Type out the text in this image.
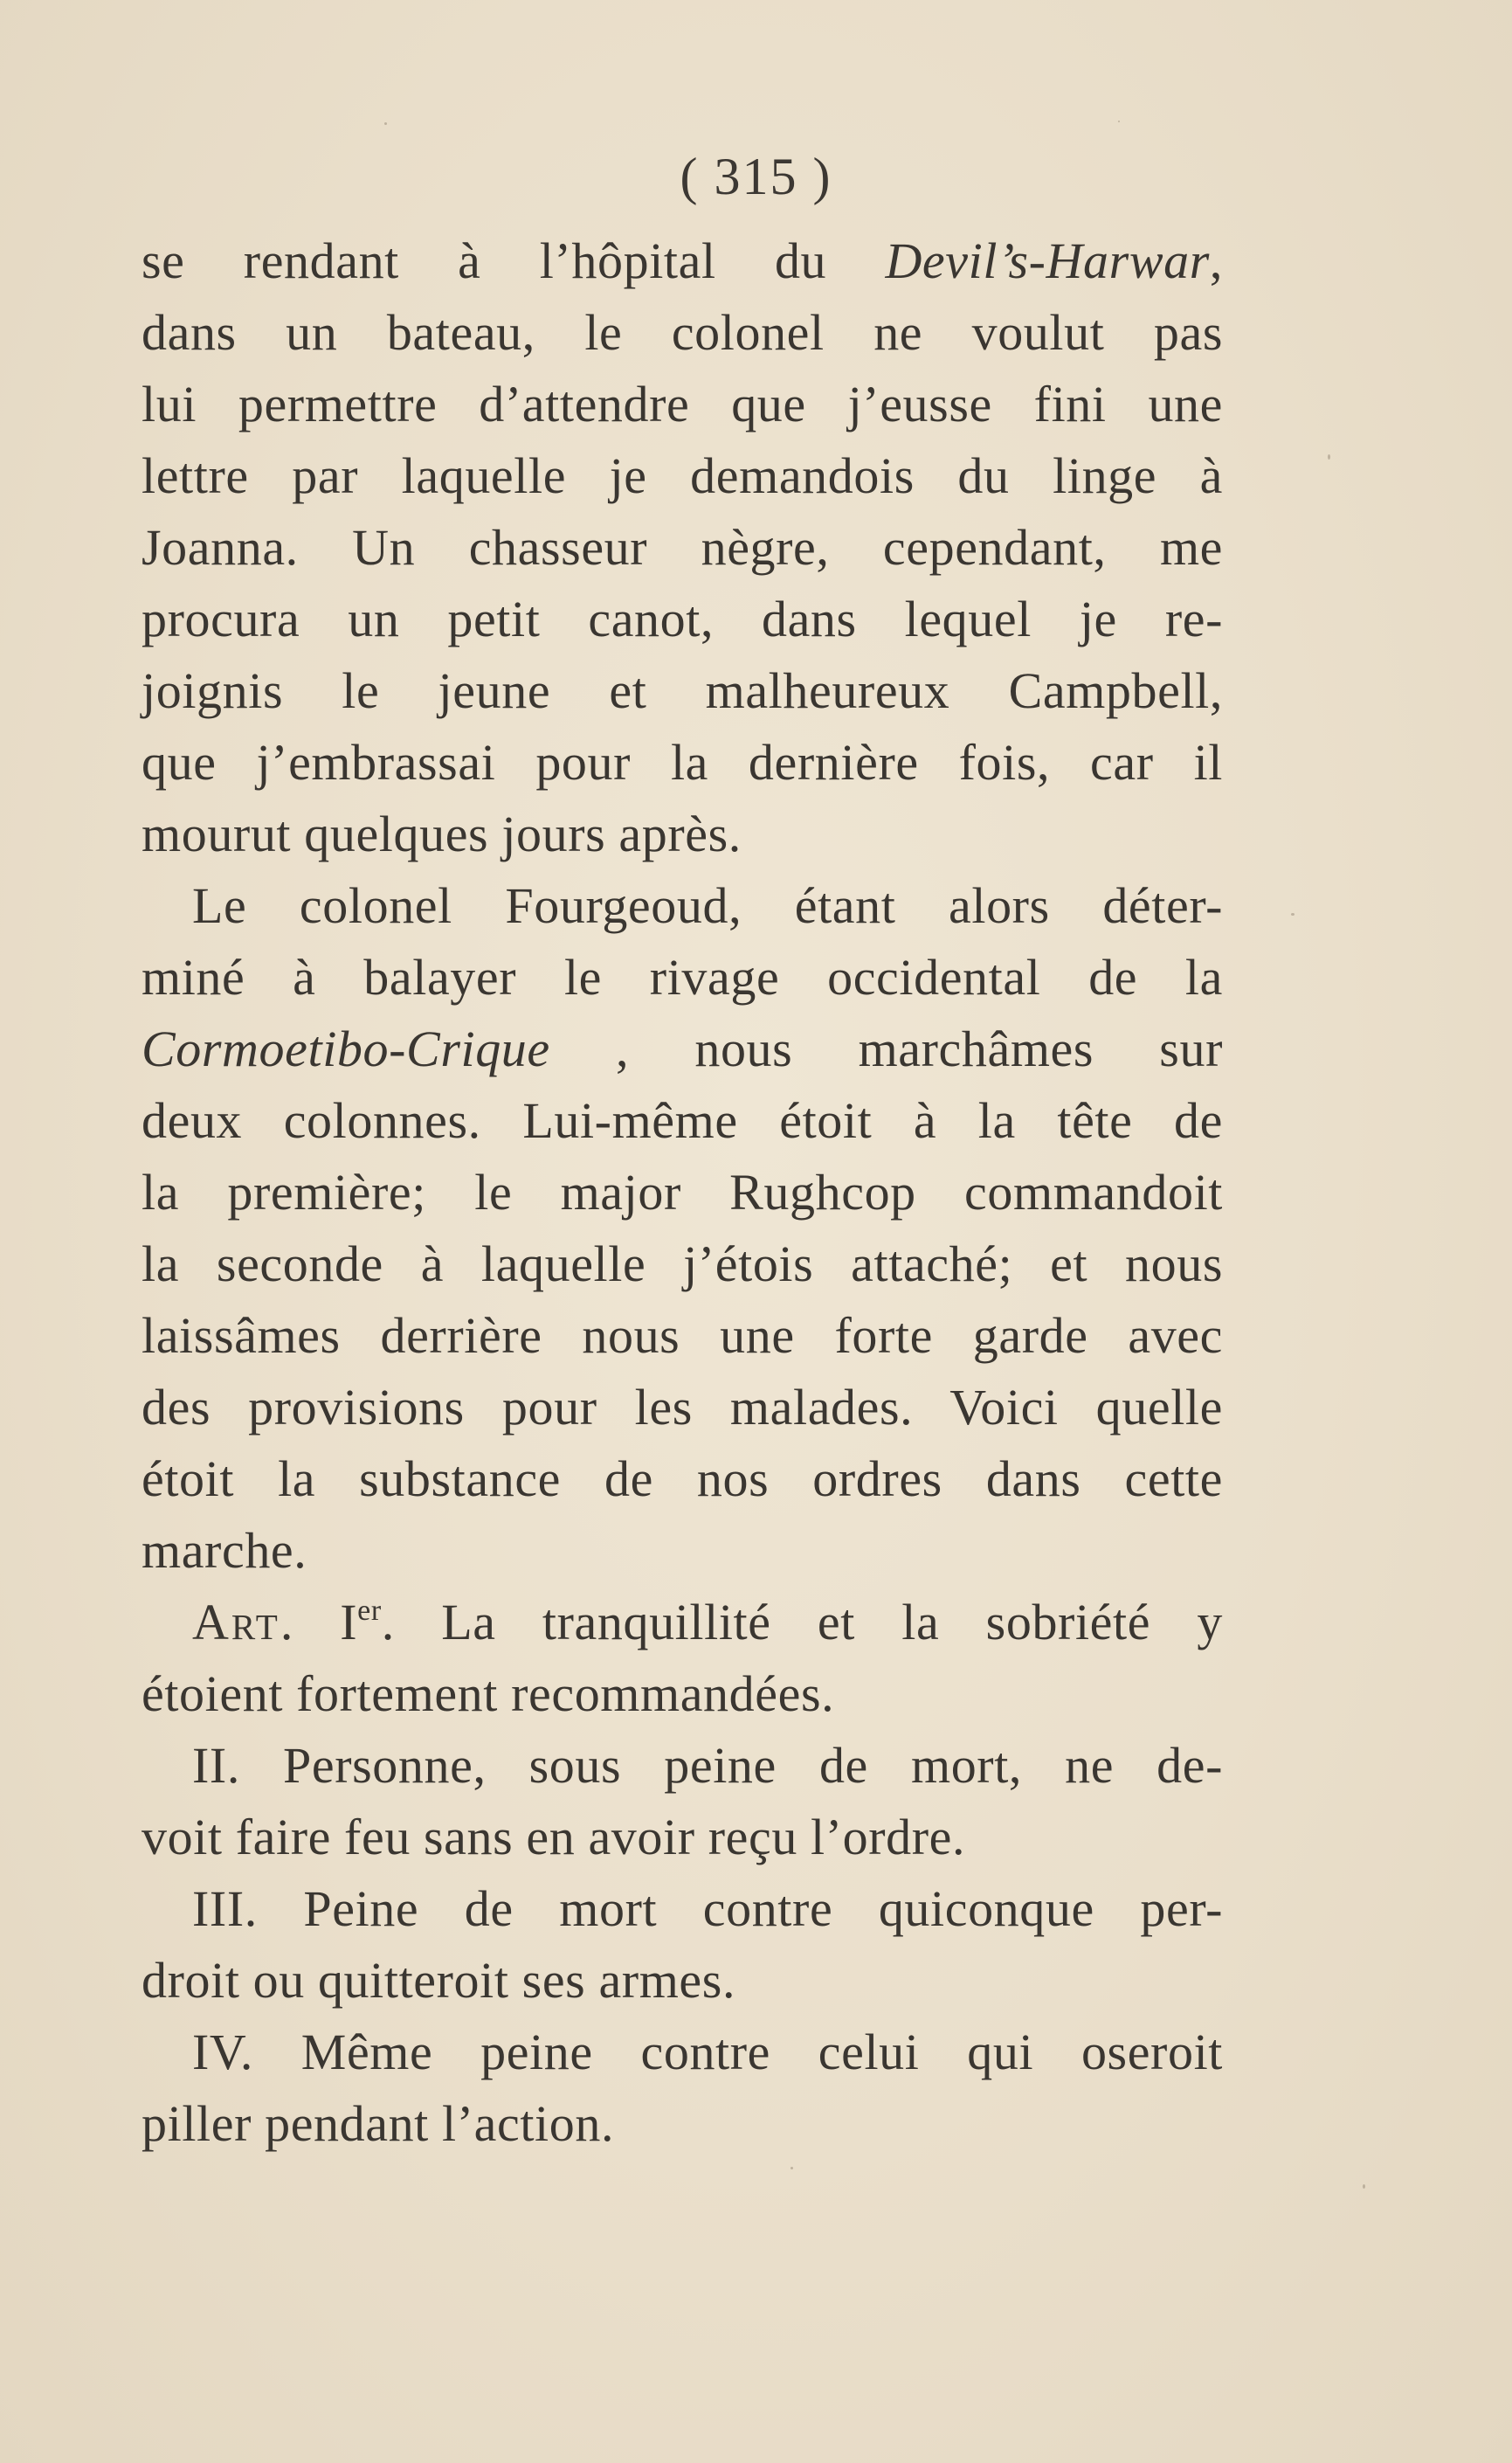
( 315 )
se rendant à l’hôpital du Devil’s-Harwar,
dans un bateau, le colonel ne voulut pas
lui permettre d’attendre que j’eusse fini une
lettre par laquelle je demandois du linge à
Joanna. Un chasseur nègre, cependant, me
procura un petit canot, dans lequel je re-
joignis le jeune et malheureux Campbell,
que j’embrassai pour la dernière fois, car il
mourut quelques jours après.
Le colonel Fourgeoud, étant alors déter-
miné à balayer le rivage occidental de la
Cormoetibo-Crique , nous marchâmes sur
deux colonnes. Lui-même étoit à la tête de
la première; le major Rughcop commandoit
la seconde à laquelle j’étois attaché; et nous
laissâmes derrière nous une forte garde avec
des provisions pour les malades. Voici quelle
étoit la substance de nos ordres dans cette
marche.
Art. Ier. La tranquillité et la sobriété y
étoient fortement recommandées.
II. Personne, sous peine de mort, ne de-
voit faire feu sans en avoir reçu l’ordre.
III. Peine de mort contre quiconque per-
droit ou quitteroit ses armes.
IV. Même peine contre celui qui oseroit
piller pendant l’action.
